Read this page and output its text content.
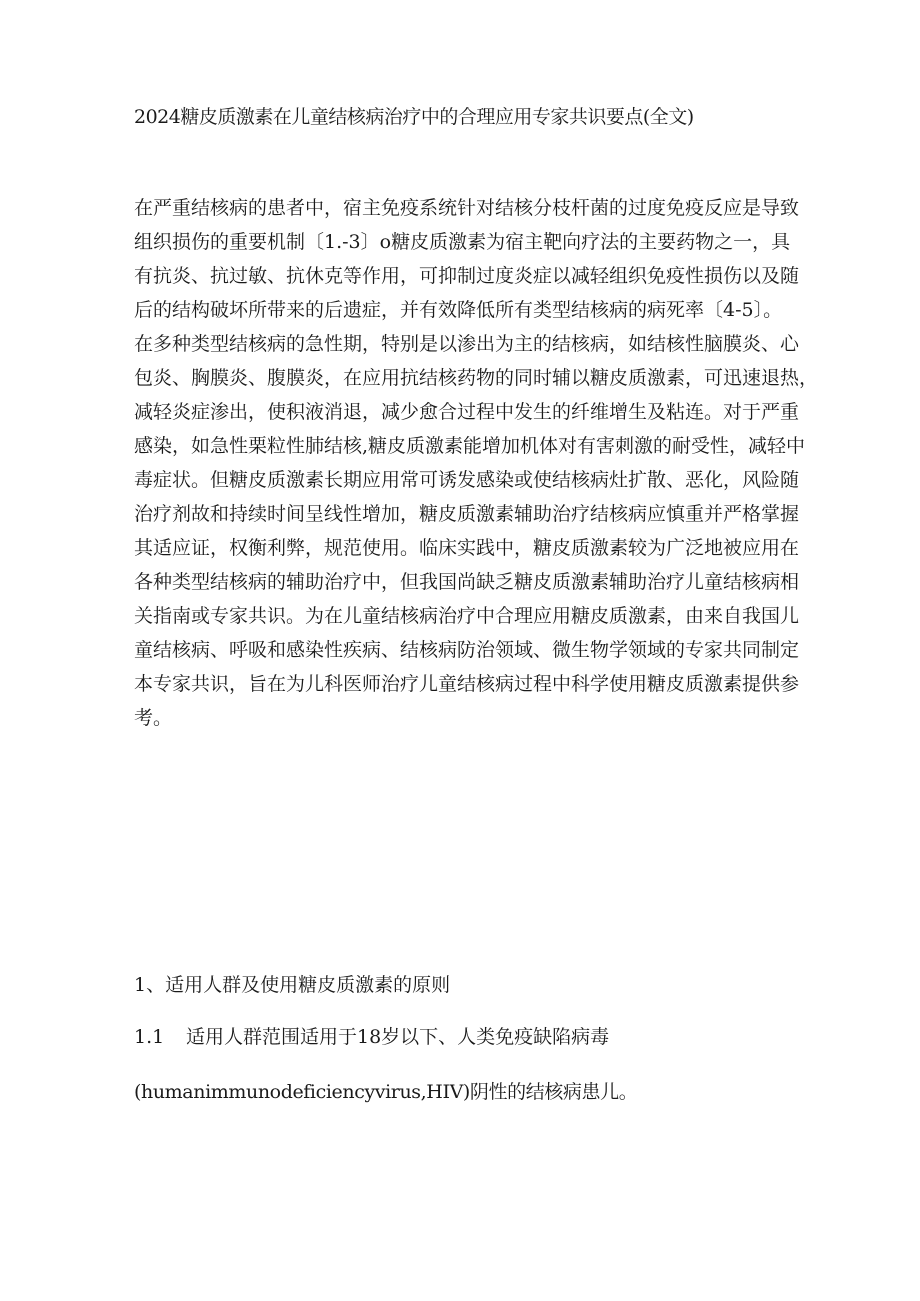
2024糖皮质激素在儿童结核病治疗中的合理应用专家共识要点(全文)
在严重结核病的患者中，宿主免疫系统针对结核分枝杆菌的过度免疫反应是导致
组织损伤的重要机制〔1.-3〕o糖皮质激素为宿主靶向疗法的主要药物之一，具
有抗炎、抗过敏、抗休克等作用，可抑制过度炎症以减轻组织免疫性损伤以及随
后的结构破坏所带来的后遗症，并有效降低所有类型结核病的病死率〔4-5〕。
在多种类型结核病的急性期，特别是以渗出为主的结核病，如结核性脑膜炎、心
包炎、胸膜炎、腹膜炎，在应用抗结核药物的同时辅以糖皮质激素，可迅速退热，
减轻炎症渗出，使积液消退，减少愈合过程中发生的纤维增生及粘连。对于严重
感染，如急性栗粒性肺结核,糖皮质激素能增加机体对有害刺激的耐受性，减轻中
毒症状。但糖皮质激素长期应用常可诱发感染或使结核病灶扩散、恶化，风险随
治疗剂故和持续时间呈线性增加，糖皮质激素辅助治疗结核病应慎重并严格掌握
其适应证，权衡利弊，规范使用。临床实践中，糖皮质激素较为广泛地被应用在
各种类型结核病的辅助治疗中，但我国尚缺乏糖皮质激素辅助治疗儿童结核病相
关指南或专家共识。为在儿童结核病治疗中合理应用糖皮质激素，由来自我国儿
童结核病、呼吸和感染性疾病、结核病防治领域、微生物学领域的专家共同制定
本专家共识，旨在为儿科医师治疗儿童结核病过程中科学使用糖皮质激素提供参
考。
1、适用人群及使用糖皮质激素的原则
1.1 适用人群范围适用于18岁以下、人类免疫缺陷病毒
(humanimmunodeficiencyvirus,HIV)阴性的结核病患儿。
